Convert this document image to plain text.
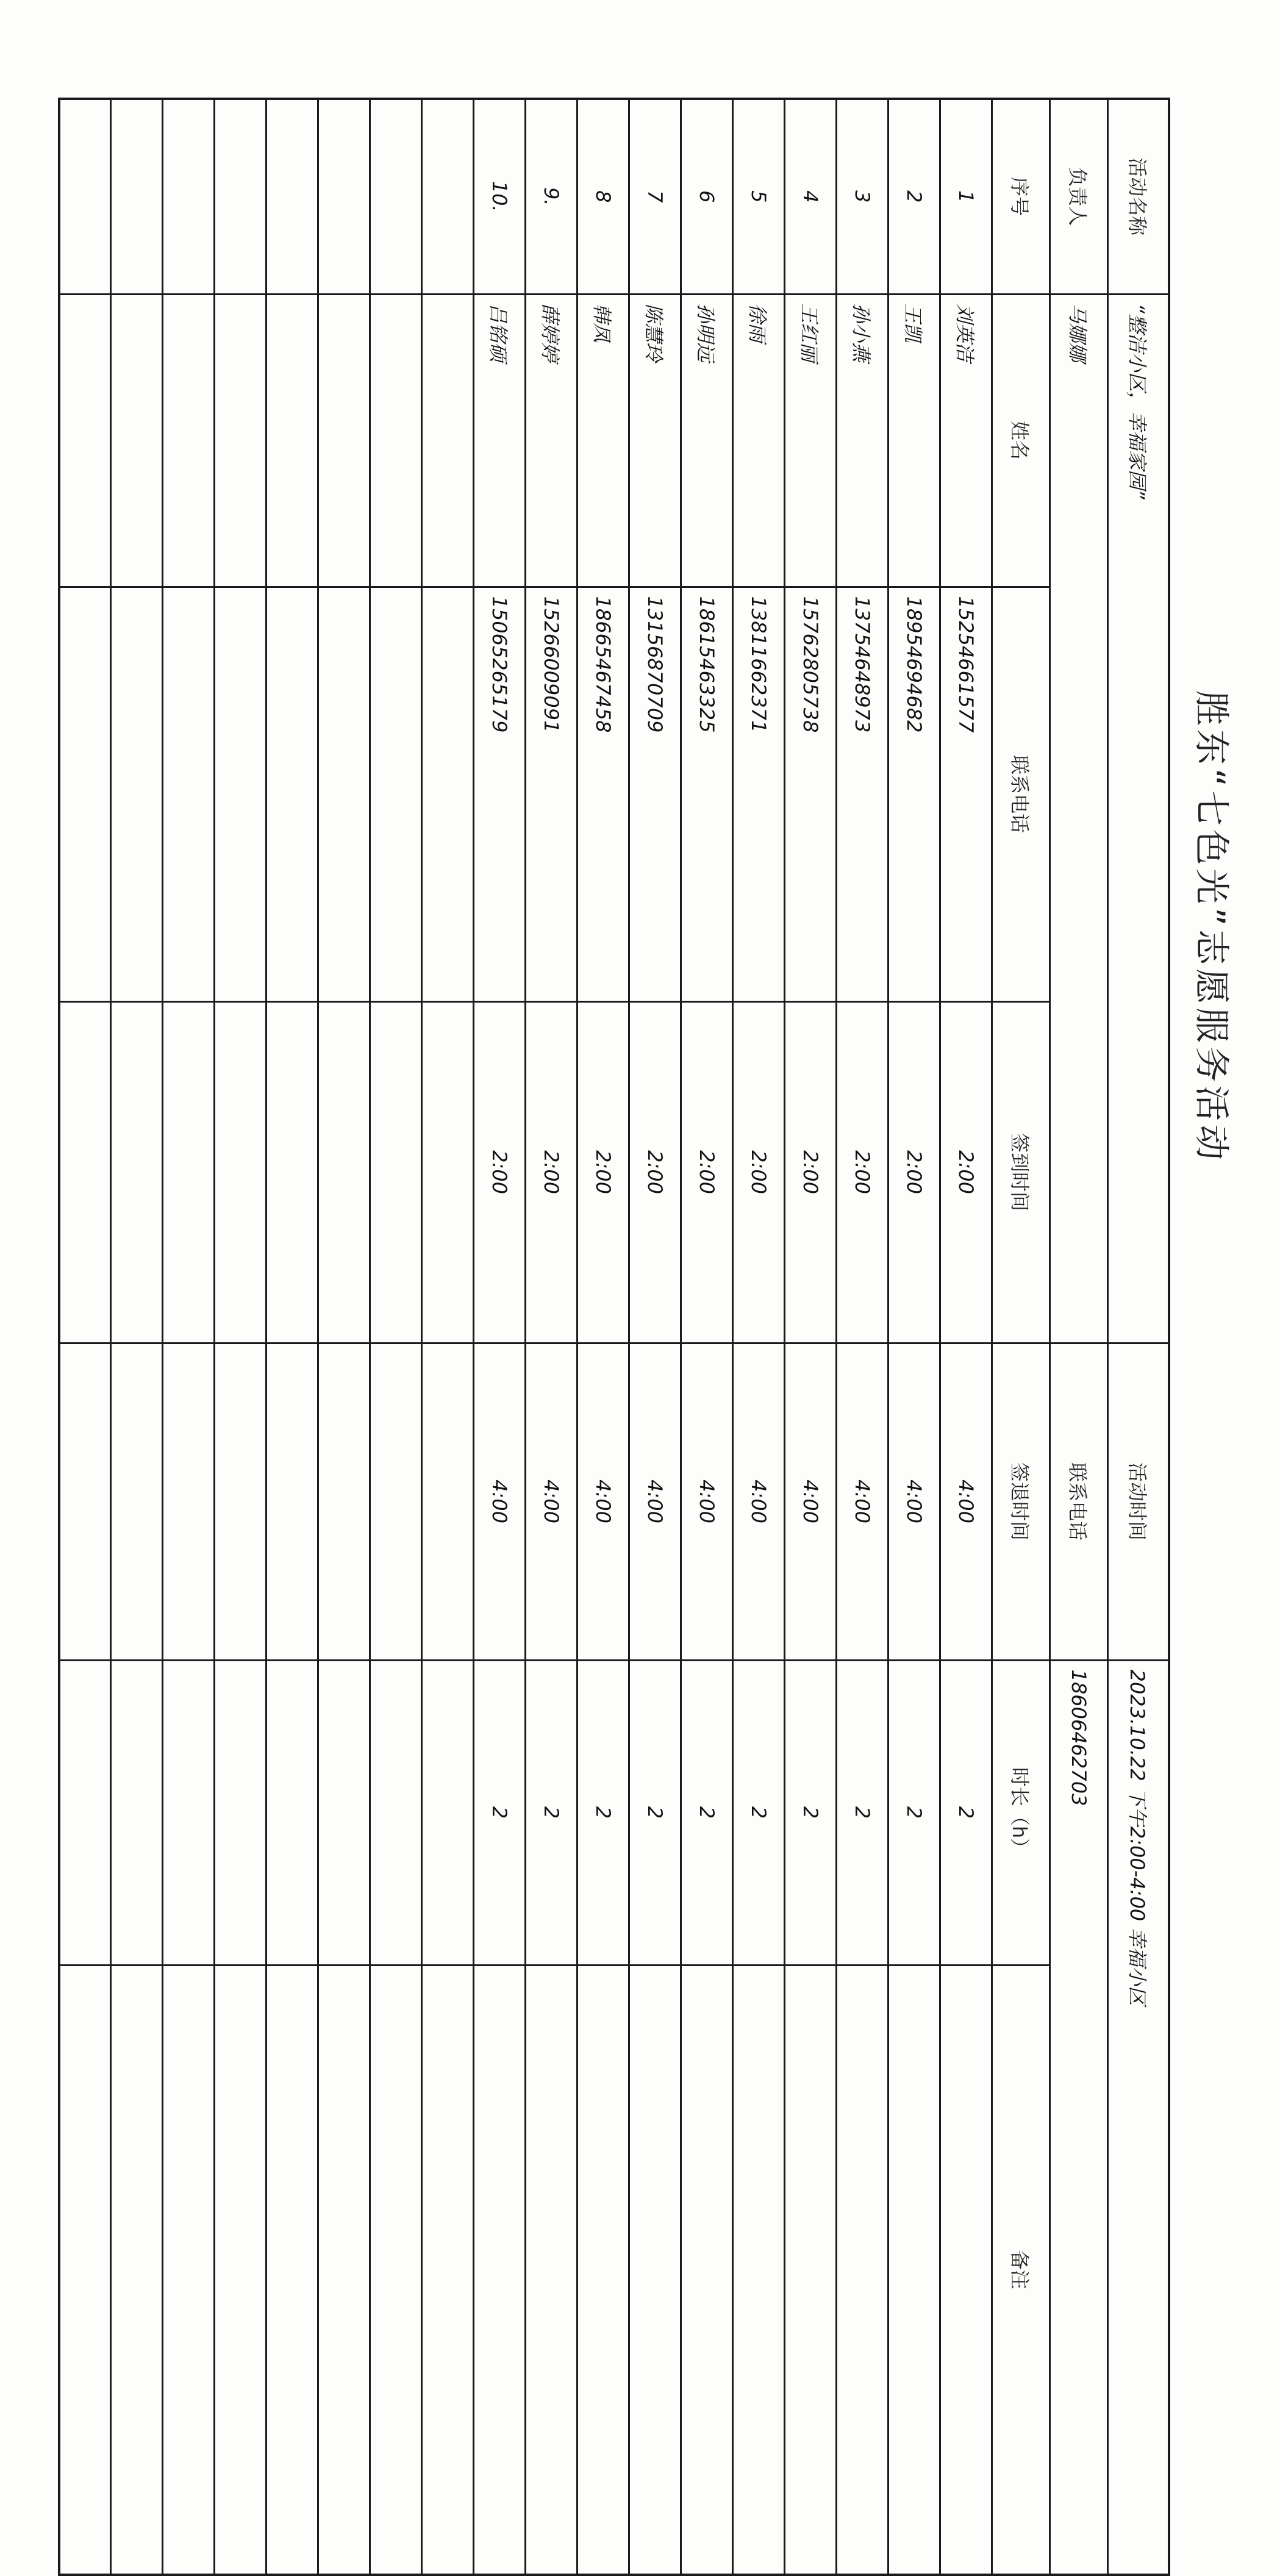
胜东“七色光”志愿服务活动
活动名称	“整洁小区，幸福家园”			活动时间	2023.10.22 下午2:00-4:00 幸福小区	
负责人	马娜娜			联系电话	18606462703	
序号	姓名	联系电话	签到时间	签退时间	时长（h）	备注
1	刘英洁	15254661577	2:00	4:00	2	
2	王凯	18954694682	2:00	4:00	2	
3	孙小燕	13754648973	2:00	4:00	2	
4	王红丽	15762805738	2:00	4:00	2	
5	徐雨	13811662371	2:00	4:00	2	
6	孙明远	18615463325	2:00	4:00	2	
7	陈慧玲	13156870709	2:00	4:00	2	
8	韩凤	18665467458	2:00	4:00	2	
9.	薛婷婷	15266009091	2:00	4:00	2	
10.	吕铭硕	15065265179	2:00	4:00	2	
